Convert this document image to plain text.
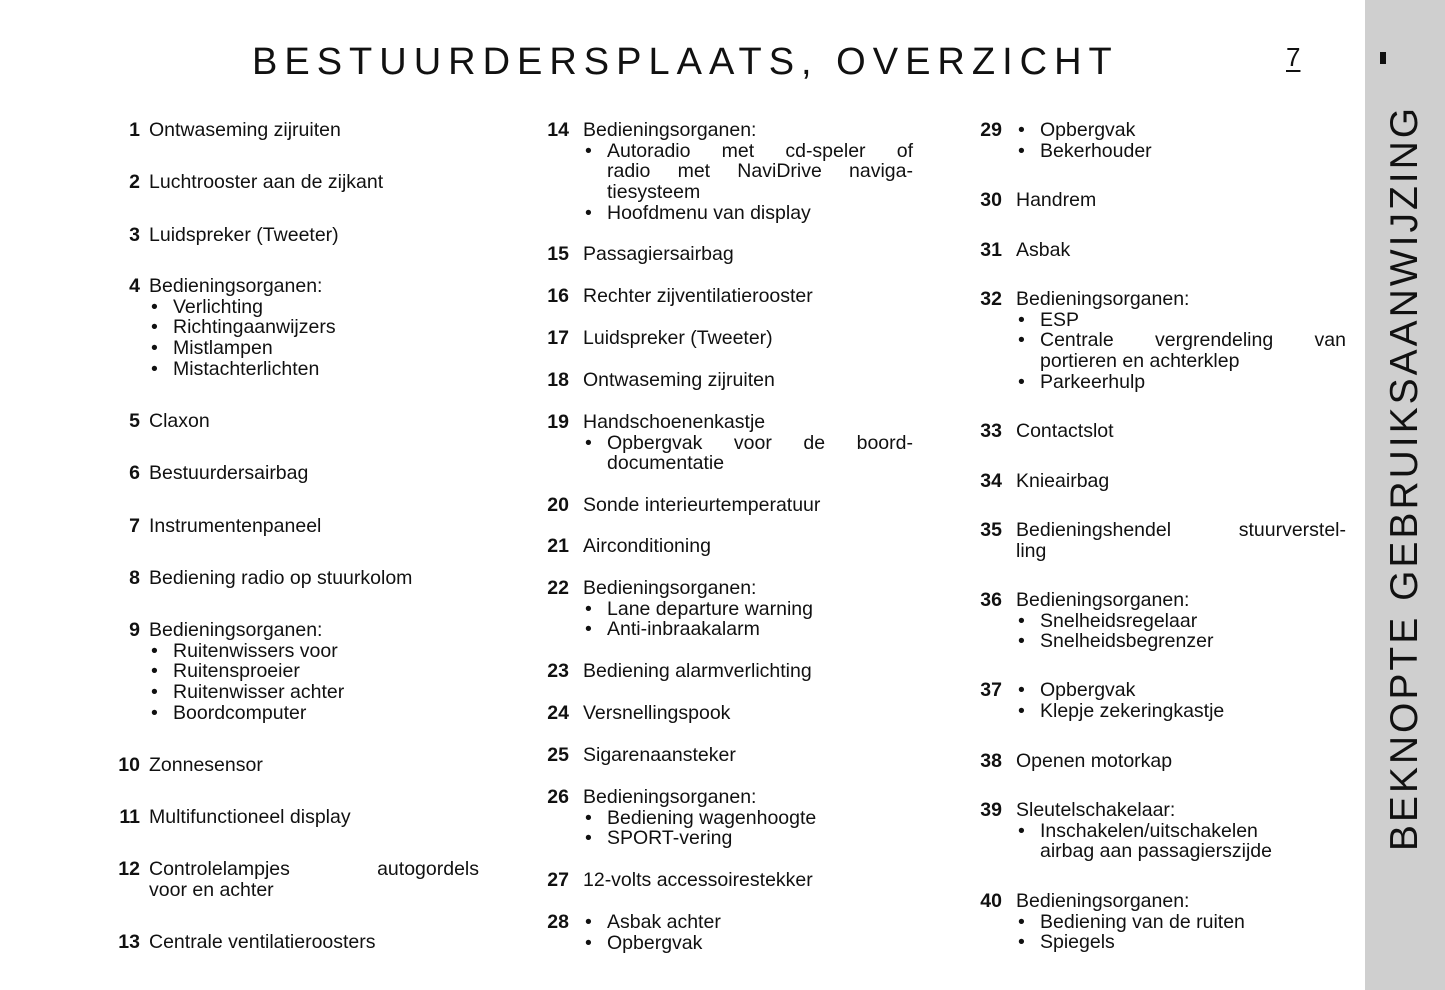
BESTUURDERSPLAATS, OVERZICHT	7
BEKNOPTE GEBRUIKSAANWIJZING
1 Ontwaseming zijruiten
2 Luchtrooster aan de zijkant
3 Luidspreker (Tweeter)
4 Bedieningsorganen:
• Verlichting
• Richtingaanwijzers
• Mistlampen
• Mistachterlichten
5 Claxon
6 Bestuurdersairbag
7 Instrumentenpaneel
8 Bediening radio op stuurkolom
9 Bedieningsorganen:
• Ruitenwissers voor
• Ruitensproeier
• Ruitenwisser achter
• Boordcomputer
10 Zonnesensor
11 Multifunctioneel display
12 Controlelampjes autogordels
voor en achter
13 Centrale ventilatieroosters
14 Bedieningsorganen:
• Autoradio met cd-speler of
radio met NaviDrive naviga-
tiesysteem
• Hoofdmenu van display
15 Passagiersairbag
16 Rechter zijventilatierooster
17 Luidspreker (Tweeter)
18 Ontwaseming zijruiten
19 Handschoenenkastje
• Opbergvak voor de boord-
documentatie
20 Sonde interieurtemperatuur
21 Airconditioning
22 Bedieningsorganen:
• Lane departure warning
• Anti-inbraakalarm
23 Bediening alarmverlichting
24 Versnellingspook
25 Sigarenaansteker
26 Bedieningsorganen:
• Bediening wagenhoogte
• SPORT-vering
27 12-volts accessoirestekker
28 • Asbak achter
• Opbergvak
29 • Opbergvak
• Bekerhouder
30 Handrem
31 Asbak
32 Bedieningsorganen:
• ESP
• Centrale vergrendeling van
portieren en achterklep
• Parkeerhulp
33 Contactslot
34 Knieairbag
35 Bedieningshendel stuurverstel-
ling
36 Bedieningsorganen:
• Snelheidsregelaar
• Snelheidsbegrenzer
37 • Opbergvak
• Klepje zekeringkastje
38 Openen motorkap
39 Sleutelschakelaar:
• Inschakelen/uitschakelen
airbag aan passagierszijde
40 Bedieningsorganen:
• Bediening van de ruiten
• Spiegels
